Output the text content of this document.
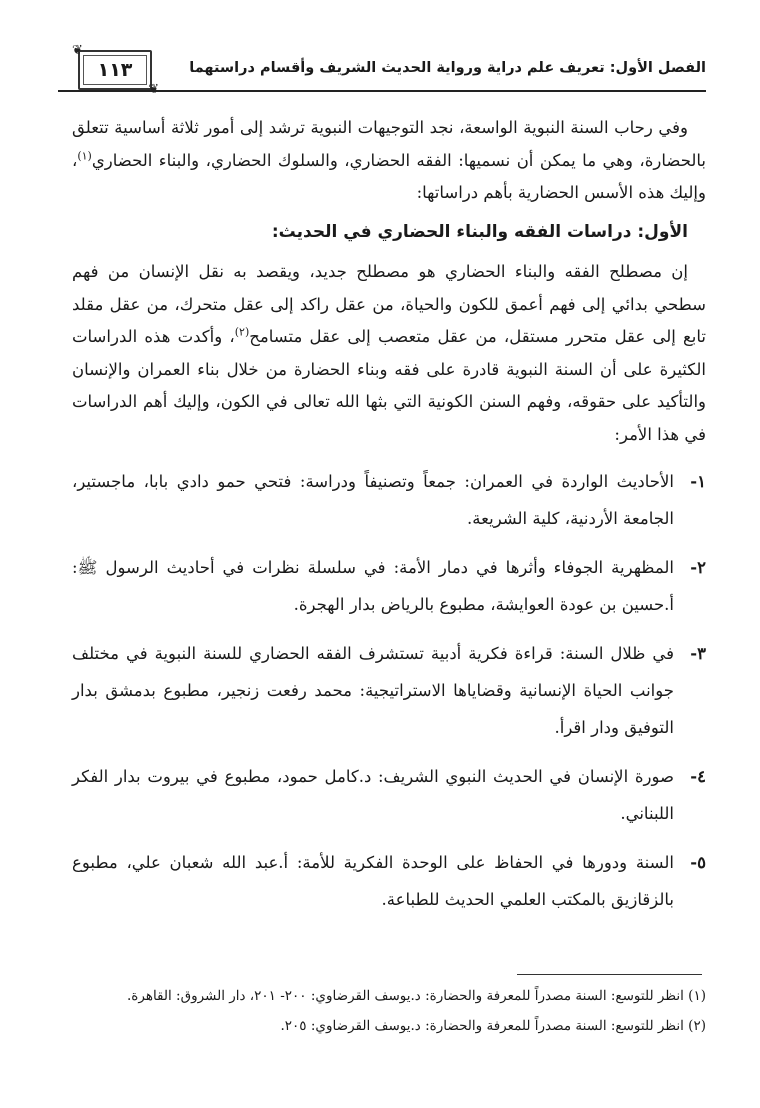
الفصل الأول: تعريف علم دراية ورواية الحديث الشريف وأقسام دراستهما
❦
١١٣

وفي رحاب السنة النبوية الواسعة، نجد التوجيهات النبوية ترشد إلى أمور ثلاثة أساسية تتعلق بالحضارة، وهي ما يمكن أن نسميها: الفقه الحضاري، والسلوك الحضاري، والبناء الحضاري$^{(١)}$، وإليك هذه الأسس الحضارية بأهم دراساتها:

الأول: دراسات الفقه والبناء الحضاري في الحديث:

إن مصطلح الفقه والبناء الحضاري هو مصطلح جديد، ويقصد به نقل الإنسان من فهم سطحي بدائي إلى فهم أعمق للكون والحياة، من عقل راكد إلى عقل متحرك، من عقل مقلد تابع إلى عقل متحرر مستقل، من عقل متعصب إلى عقل متسامح$^{(٢)}$، وأكدت هذه الدراسات الكثيرة على أن السنة النبوية قادرة على فقه وبناء الحضارة من خلال بناء العمران والإنسان والتأكيد على حقوقه، وفهم السنن الكونية التي بثها الله تعالى في الكون، وإليك أهم الدراسات في هذا الأمر:

١-
الأحاديث الواردة في العمران: جمعاً وتصنيفاً ودراسة: فتحي حمو دادي بابا، ماجستير، الجامعة الأردنية، كلية الشريعة.
٢-
المظهرية الجوفاء وأثرها في دمار الأمة: في سلسلة نظرات في أحاديث الرسول ﷺ: أ.حسين بن عودة العوايشة، مطبوع بالرياض بدار الهجرة.
٣-
في ظلال السنة: قراءة فكرية أدبية تستشرف الفقه الحضاري للسنة النبوية في مختلف جوانب الحياة الإنسانية وقضاياها الاستراتيجية: محمد رفعت زنجير، مطبوع بدمشق بدار التوفيق ودار اقرأ.
٤-
صورة الإنسان في الحديث النبوي الشريف: د.كامل حمود، مطبوع في بيروت بدار الفكر اللبناني.
٥-
السنة ودورها في الحفاظ على الوحدة الفكرية للأمة: أ.عبد الله شعبان علي، مطبوع بالزقازيق بالمكتب العلمي الحديث للطباعة.
(١) انظر للتوسع: السنة مصدراً للمعرفة والحضارة: د.يوسف القرضاوي: ٢٠٠- ٢٠١، دار الشروق: القاهرة.
(٢) انظر للتوسع: السنة مصدراً للمعرفة والحضارة: د.يوسف القرضاوي: ٢٠٥.
